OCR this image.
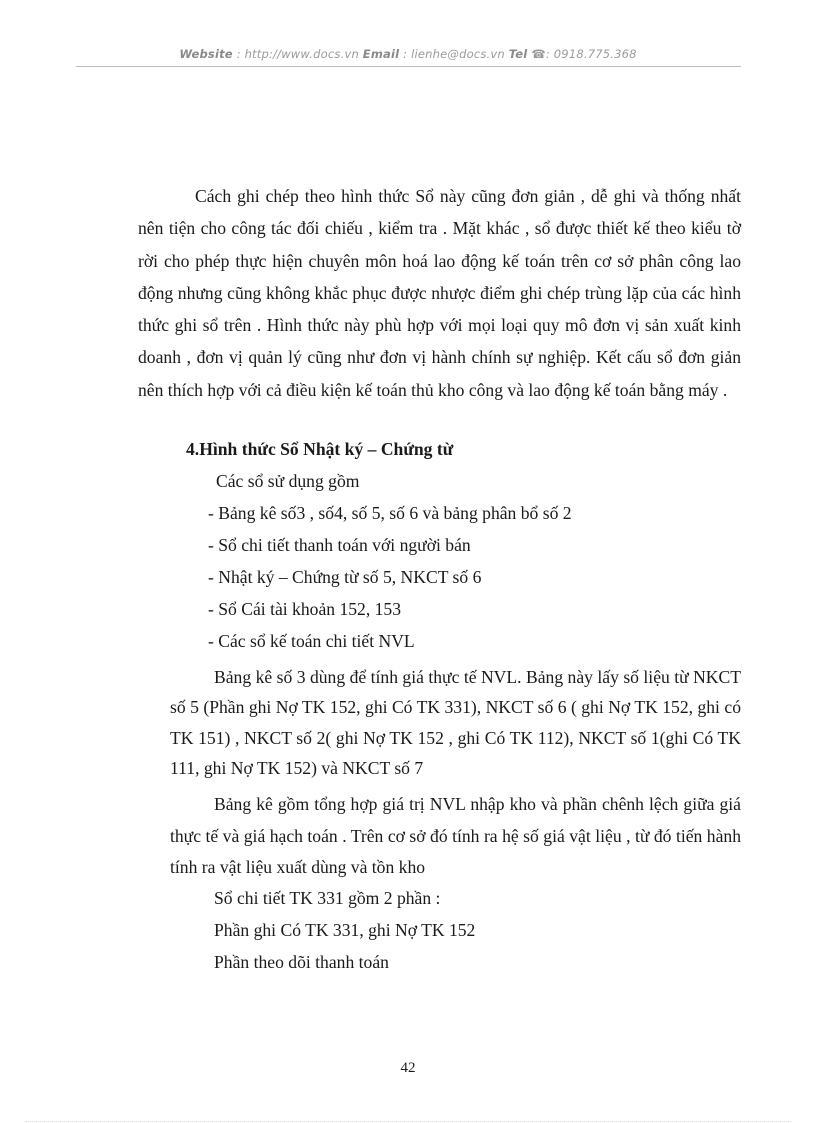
Website : http://www.docs.vn Email : lienhe@docs.vn Tel ☎: 0918.775.368
Cách ghi chép theo hình thức Sổ này cũng đơn giản , dễ ghi và thống nhất nên tiện cho công tác đối chiếu , kiểm tra . Mặt khác , sổ được thiết kế theo kiểu tờ rời cho phép thực hiện chuyên môn hoá lao động kế toán trên cơ sở phân công lao động nhưng cũng không khắc phục được nhược điểm ghi chép trùng lặp của các hình thức ghi sổ trên . Hình thức này phù hợp với mọi loại quy mô đơn vị sản xuất kinh doanh , đơn vị quản lý cũng như đơn vị hành chính sự nghiệp. Kết cấu sổ đơn giản nên thích hợp với cả điều kiện kế toán thủ kho công và lao động kế toán bằng máy .
4.Hình thức Sổ Nhật ký – Chứng từ
Các sổ sử dụng gồm
- Bảng kê số3 , số4, số 5, số 6 và bảng phân bổ số 2
- Sổ chi tiết thanh toán với người bán
- Nhật ký – Chứng từ số 5, NKCT số 6
- Sổ Cái tài khoản 152, 153
- Các sổ kế toán chi tiết NVL
Bảng kê số 3 dùng để tính giá thực tế NVL. Bảng này lấy số liệu từ NKCT số 5 (Phần ghi Nợ TK 152, ghi Có TK 331), NKCT số 6 ( ghi Nợ TK 152, ghi có TK 151) , NKCT số 2( ghi Nợ TK 152 , ghi Có TK 112), NKCT số 1(ghi Có TK 111, ghi Nợ TK 152) và NKCT số 7
Bảng kê gồm tổng hợp giá trị NVL nhập kho và phần chênh lệch giữa giá thực tế và giá hạch toán . Trên cơ sở đó tính ra hệ số giá vật liệu , từ đó tiến hành tính ra vật liệu xuất dùng và tồn kho
Sổ chi tiết TK 331 gồm 2 phần :
Phần ghi Có TK 331, ghi Nợ TK 152
Phần theo dõi thanh toán
42
